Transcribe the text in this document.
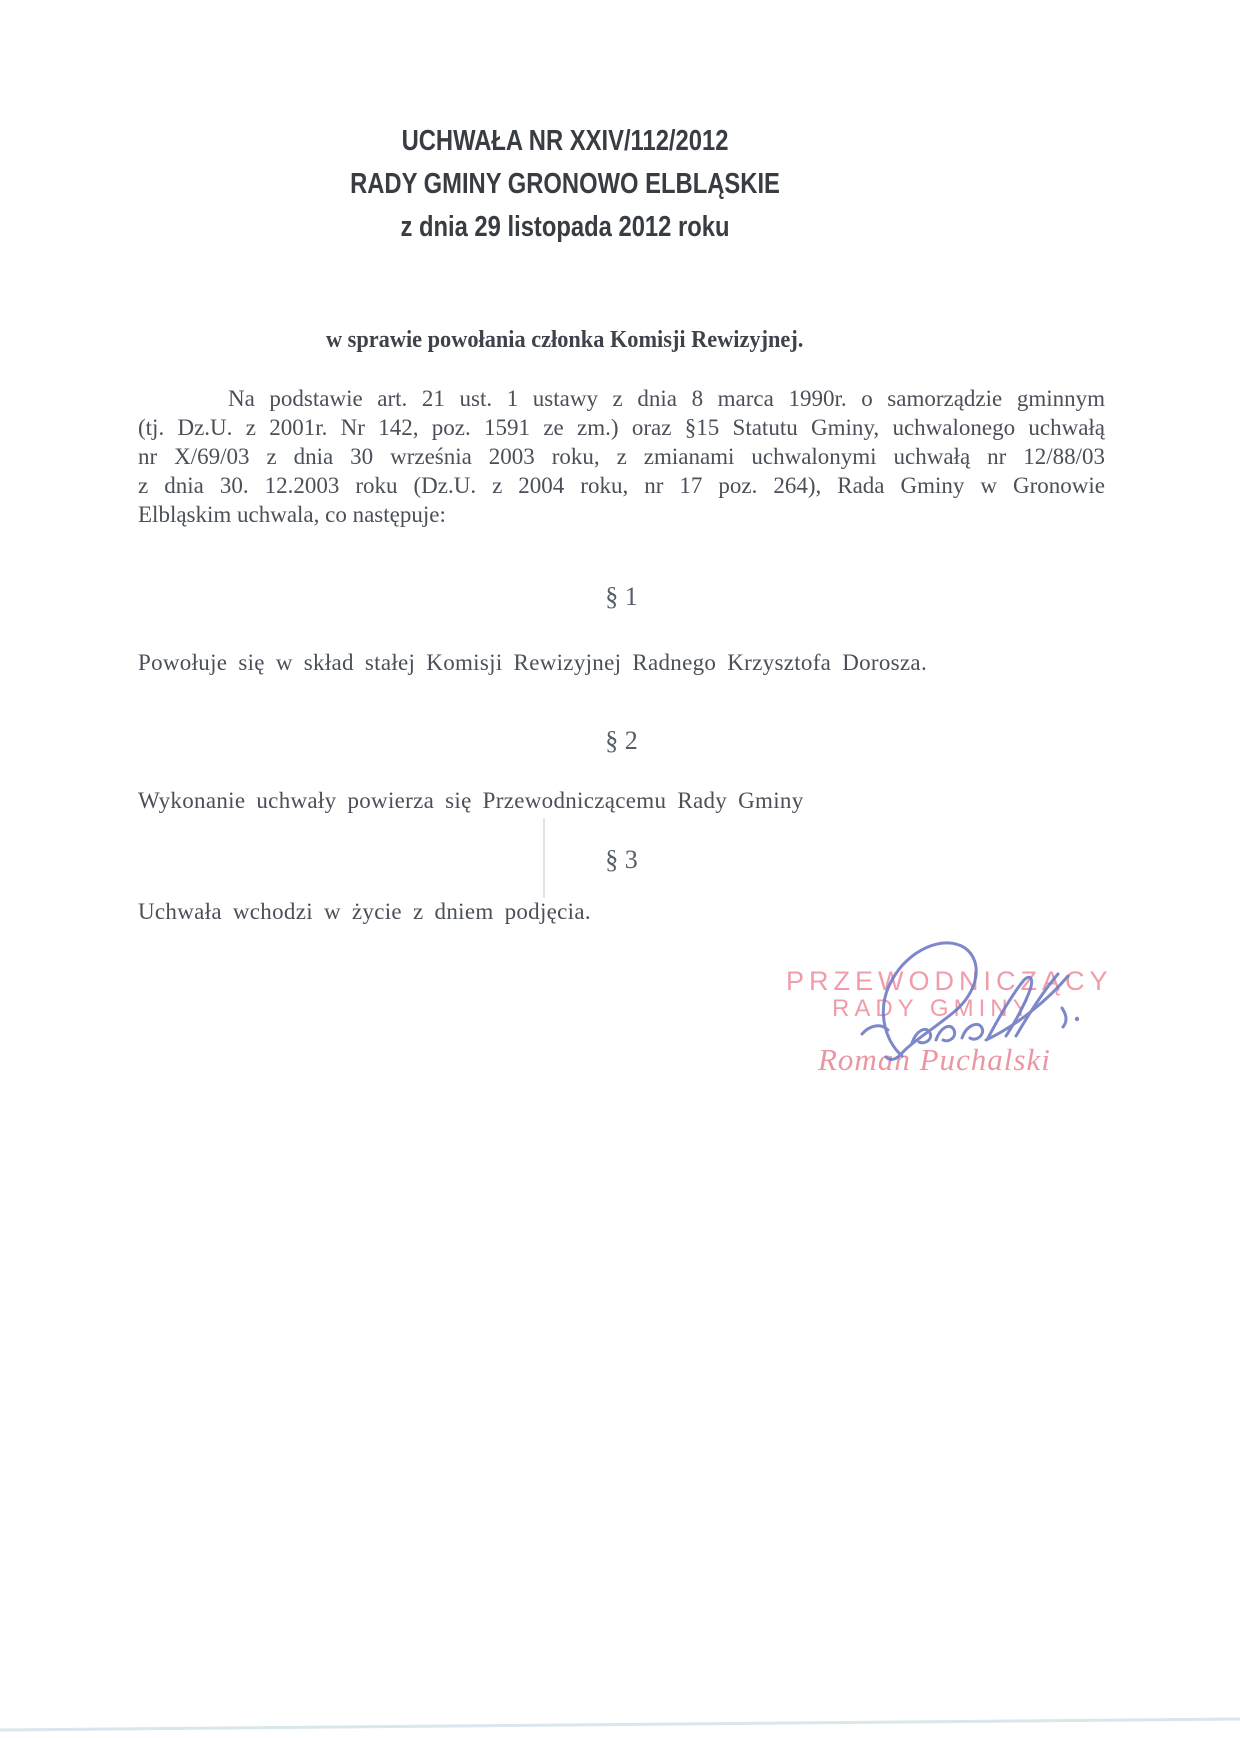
UCHWAŁA NR XXIV/112/2012
RADY GMINY GRONOWO ELBLĄSKIE
z dnia 29 listopada 2012 roku
w sprawie powołania członka Komisji Rewizyjnej.
Na podstawie art. 21 ust. 1 ustawy z dnia 8 marca 1990r. o samorządzie gminnym
(tj. Dz.U. z 2001r. Nr 142, poz. 1591 ze zm.) oraz §15 Statutu Gminy, uchwalonego uchwałą
nr X/69/03 z dnia 30 września 2003 roku, z zmianami uchwalonymi uchwałą nr 12/88/03
z dnia 30. 12.2003 roku (Dz.U. z 2004 roku, nr 17 poz. 264), Rada Gminy w Gronowie
Elbląskim uchwala, co następuje:
§ 1
Powołuje się w skład stałej Komisji Rewizyjnej Radnego Krzysztofa Dorosza.
§ 2
Wykonanie uchwały powierza się Przewodniczącemu Rady Gminy
§ 3
Uchwała wchodzi w życie z dniem podjęcia.
PRZEWODNICZĄCY
RADY GMINY
Roman Puchalski
